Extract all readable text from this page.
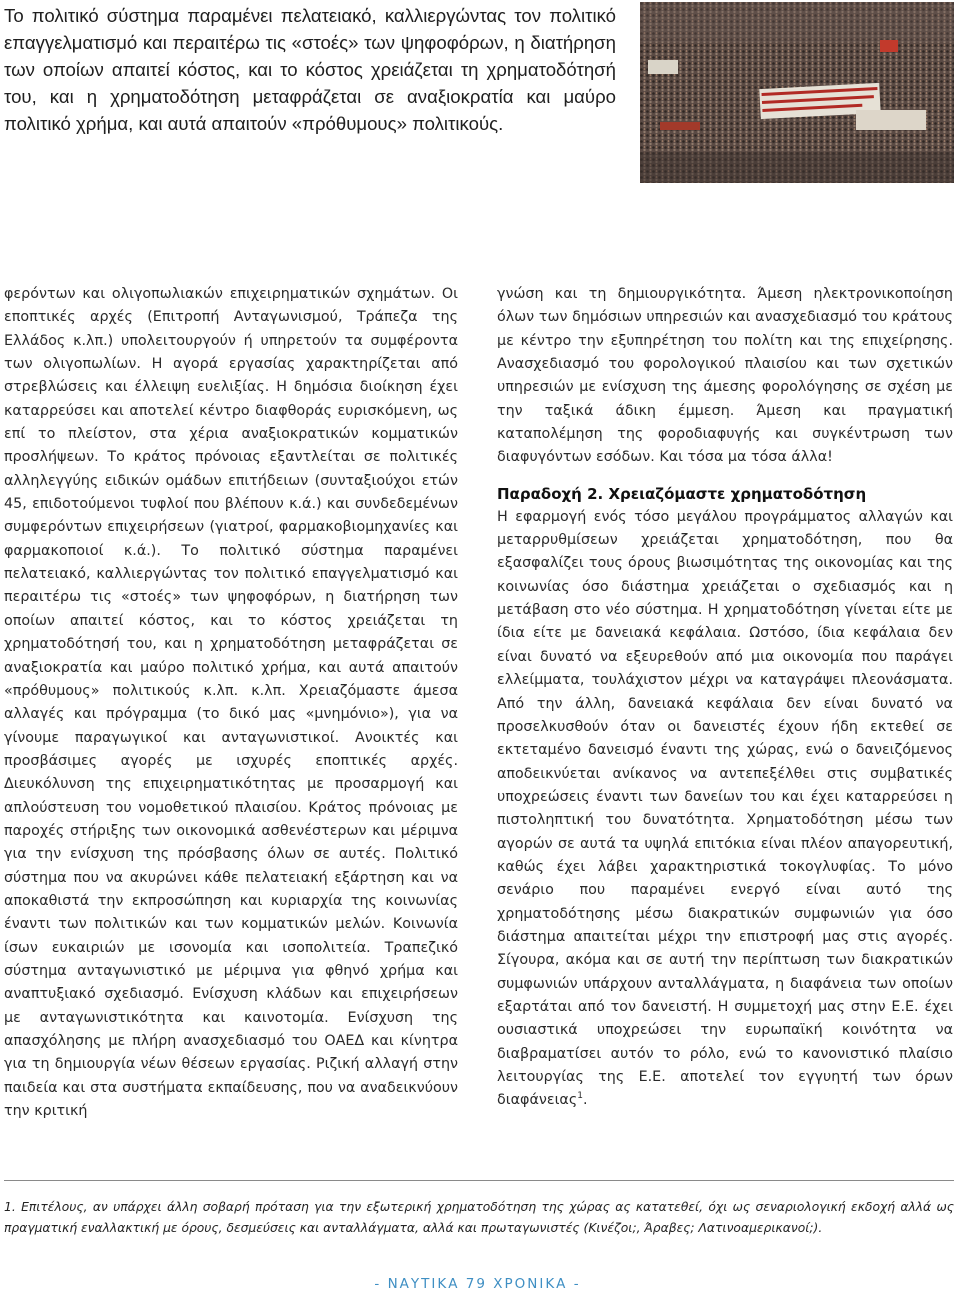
Το πολιτικό σύστημα παραμένει πελατειακό, καλλιεργώντας τον πολιτικό επαγγελματισμό και περαιτέρω τις «στοές» των ψηφοφόρων, η διατήρηση των οποίων απαιτεί κόστος, και το κόστος χρειάζεται τη χρηματοδότησή του, και η χρηματοδότηση μεταφράζεται σε αναξιοκρατία και μαύρο πολιτικό χρήμα, και αυτά απαιτούν «πρόθυμους» πολιτικούς.

φερόντων και ολιγοπωλιακών επιχειρηματικών σχημάτων. Οι εποπτικές αρχές (Επιτροπή Ανταγωνισμού, Τράπεζα της Ελλάδος κ.λπ.) υπολειτουργούν ή υπηρετούν τα συμφέροντα των ολιγοπωλίων. Η αγορά εργασίας χαρακτηρίζεται από στρεβλώσεις και έλλειψη ευελιξίας. Η δημόσια διοίκηση έχει καταρρεύσει και αποτελεί κέντρο διαφθοράς ευρισκόμενη, ως επί το πλείστον, στα χέρια αναξιοκρατικών κομματικών προσλήψεων. Το κράτος πρόνοιας εξαντλείται σε πολιτικές αλληλεγγύης ειδικών ομάδων επιτήδειων (συνταξιούχοι ετών 45, επιδοτούμενοι τυφλοί που βλέπουν κ.ά.) και συνδεδεμένων συμφερόντων επιχειρήσεων (γιατροί, φαρμακοβιομηχανίες και φαρμακοποιοί κ.ά.). Το πολιτικό σύστημα παραμένει πελατειακό, καλλιεργώντας τον πολιτικό επαγγελματισμό και περαιτέρω τις «στοές» των ψηφοφόρων, η διατήρηση των οποίων απαιτεί κόστος, και το κόστος χρειάζεται τη χρηματοδότησή του, και η χρηματοδότηση μεταφράζεται σε αναξιοκρατία και μαύρο πολιτικό χρήμα, και αυτά απαιτούν «πρόθυμους» πολιτικούς κ.λπ. κ.λπ. Χρειαζόμαστε άμεσα αλλαγές και πρόγραμμα (το δικό μας «μνημόνιο»), για να γίνουμε παραγωγικοί και ανταγωνιστικοί. Ανοικτές και προσβάσιμες αγορές με ισχυρές εποπτικές αρχές. Διευκόλυνση της επιχειρηματικότητας με προσαρμογή και απλούστευση του νομοθετικού πλαισίου. Κράτος πρόνοιας με παροχές στήριξης των οικονομικά ασθενέστερων και μέριμνα για την ενίσχυση της πρόσβασης όλων σε αυτές. Πολιτικό σύστημα που να ακυρώνει κάθε πελατειακή εξάρτηση και να αποκαθιστά την εκπροσώπηση και κυριαρχία της κοινωνίας έναντι των πολιτικών και των κομματικών μελών. Κοινωνία ίσων ευκαιριών με ισονομία και ισοπολιτεία. Τραπεζικό σύστημα ανταγωνιστικό με μέριμνα για φθηνό χρήμα και αναπτυξιακό σχεδιασμό. Ενίσχυση κλάδων και επιχειρήσεων με ανταγωνιστικότητα και καινοτομία. Ενίσχυση της απασχόλησης με πλήρη ανασχεδιασμό του ΟΑΕΔ και κίνητρα για τη δημιουργία νέων θέσεων εργασίας. Ριζική αλλαγή στην παιδεία και στα συστήματα εκπαίδευσης, που να αναδεικνύουν την κριτική

γνώση και τη δημιουργικότητα. Άμεση ηλεκτρονικοποίηση όλων των δημόσιων υπηρεσιών και ανασχεδιασμό του κράτους με κέντρο την εξυπηρέτηση του πολίτη και της επιχείρησης. Ανασχεδιασμό του φορολογικού πλαισίου και των σχετικών υπηρεσιών με ενίσχυση της άμεσης φορολόγησης σε σχέση με την ταξικά άδικη έμμεση. Άμεση και πραγματική καταπολέμηση της φοροδιαφυγής και συγκέντρωση των διαφυγόντων εσόδων. Και τόσα μα τόσα άλλα!

Παραδοχή 2. Χρειαζόμαστε χρηματοδότηση

Η εφαρμογή ενός τόσο μεγάλου προγράμματος αλλαγών και μεταρρυθμίσεων χρειάζεται χρηματοδότηση, που θα εξασφαλίζει τους όρους βιωσιμότητας της οικονομίας και της κοινωνίας όσο διάστημα χρειάζεται ο σχεδιασμός και η μετάβαση στο νέο σύστημα. Η χρηματοδότηση γίνεται είτε με ίδια είτε με δανειακά κεφάλαια. Ωστόσο, ίδια κεφάλαια δεν είναι δυνατό να εξευρεθούν από μια οικονομία που παράγει ελλείμματα, τουλάχιστον μέχρι να καταγράψει πλεονάσματα. Από την άλλη, δανειακά κεφάλαια δεν είναι δυνατό να προσελκυσθούν όταν οι δανειστές έχουν ήδη εκτεθεί σε εκτεταμένο δανεισμό έναντι της χώρας, ενώ ο δανειζόμενος αποδεικνύεται ανίκανος να αντεπεξέλθει στις συμβατικές υποχρεώσεις έναντι των δανείων του και έχει καταρρεύσει η πιστοληπτική του δυνατότητα. Χρηματοδότηση μέσω των αγορών σε αυτά τα υψηλά επιτόκια είναι πλέον απαγορευτική, καθώς έχει λάβει χαρακτηριστικά τοκογλυφίας. Το μόνο σενάριο που παραμένει ενεργό είναι αυτό της χρηματοδότησης μέσω διακρατικών συμφωνιών για όσο διάστημα απαιτείται μέχρι την επιστροφή μας στις αγορές. Σίγουρα, ακόμα και σε αυτή την περίπτωση των διακρατικών συμφωνιών υπάρχουν ανταλλάγματα, η διαφάνεια των οποίων εξαρτάται από τον δανειστή. Η συμμετοχή μας στην Ε.Ε. έχει ουσιαστικά υποχρεώσει την ευρωπαϊκή κοινότητα να διαβραματίσει αυτόν το ρόλο, ενώ το κανονιστικό πλαίσιο λειτουργίας της Ε.Ε. αποτελεί τον εγγυητή των όρων διαφάνειας$^1$.

1. Επιτέλους, αν υπάρχει άλλη σοβαρή πρόταση για την εξωτερική χρηματοδότηση της χώρας ας κατατεθεί, όχι ως σεναριολογική εκδοχή αλλά ως πραγματική εναλλακτική με όρους, δεσμεύσεις και ανταλλάγματα, αλλά και πρωταγωνιστές (Κινέζοι;, Άραβες; Λατινοαμερικανοί;).
- ΝΑΥΤΙΚΑ 79 ΧΡΟΝΙΚΑ -
